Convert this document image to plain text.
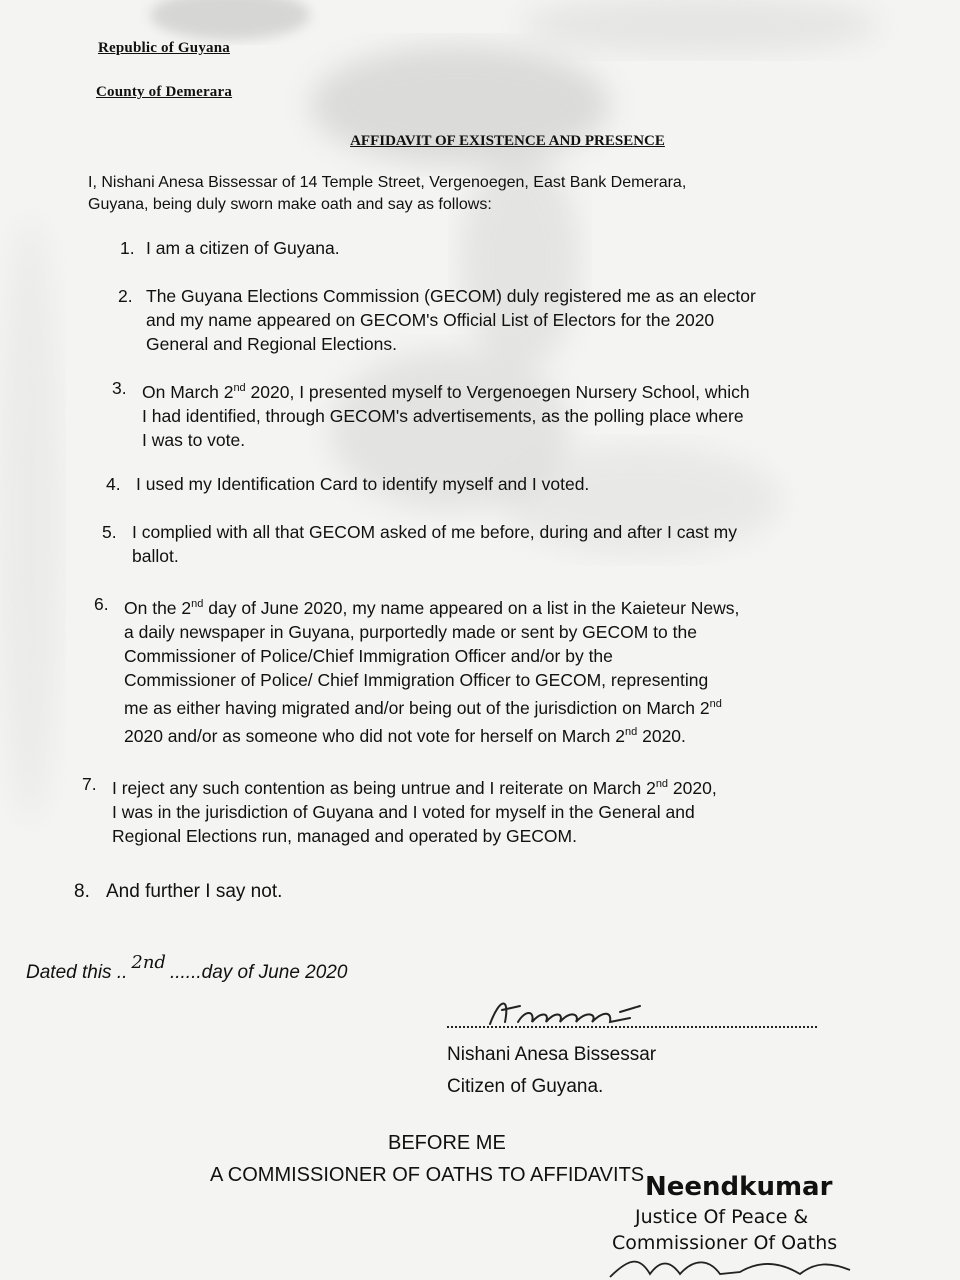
Republic of Guyana
County of Demerara
AFFIDAVIT OF EXISTENCE AND PRESENCE
I, Nishani Anesa Bissessar of 14 Temple Street, Vergenoegen, East Bank Demerara,
Guyana, being duly sworn make oath and say as follows:
1. I am a citizen of Guyana.
2. The Guyana Elections Commission (GECOM) duly registered me as an elector
and my name appeared on GECOM's Official List of Electors for the 2020
General and Regional Elections.
3. On March 2nd 2020, I presented myself to Vergenoegen Nursery School, which
I had identified, through GECOM's advertisements, as the polling place where
I was to vote.
4. I used my Identification Card to identify myself and I voted.
5. I complied with all that GECOM asked of me before, during and after I cast my
ballot.
6. On the 2nd day of June 2020, my name appeared on a list in the Kaieteur News,
a daily newspaper in Guyana, purportedly made or sent by GECOM to the
Commissioner of Police/Chief Immigration Officer and/or by the
Commissioner of Police/ Chief Immigration Officer to GECOM, representing
me as either having migrated and/or being out of the jurisdiction on March 2nd
2020 and/or as someone who did not vote for herself on March 2nd 2020.
7. I reject any such contention as being untrue and I reiterate on March 2nd 2020,
I was in the jurisdiction of Guyana and I voted for myself in the General and
Regional Elections run, managed and operated by GECOM.
8. And further I say not.
Dated this .. 2nd ......day of June 2020
Nishani Anesa Bissessar
Citizen of Guyana.
BEFORE ME
A COMMISSIONER OF OATHS TO AFFIDAVITS Neendkumar
Justice Of Peace &
Commissioner Of Oaths
